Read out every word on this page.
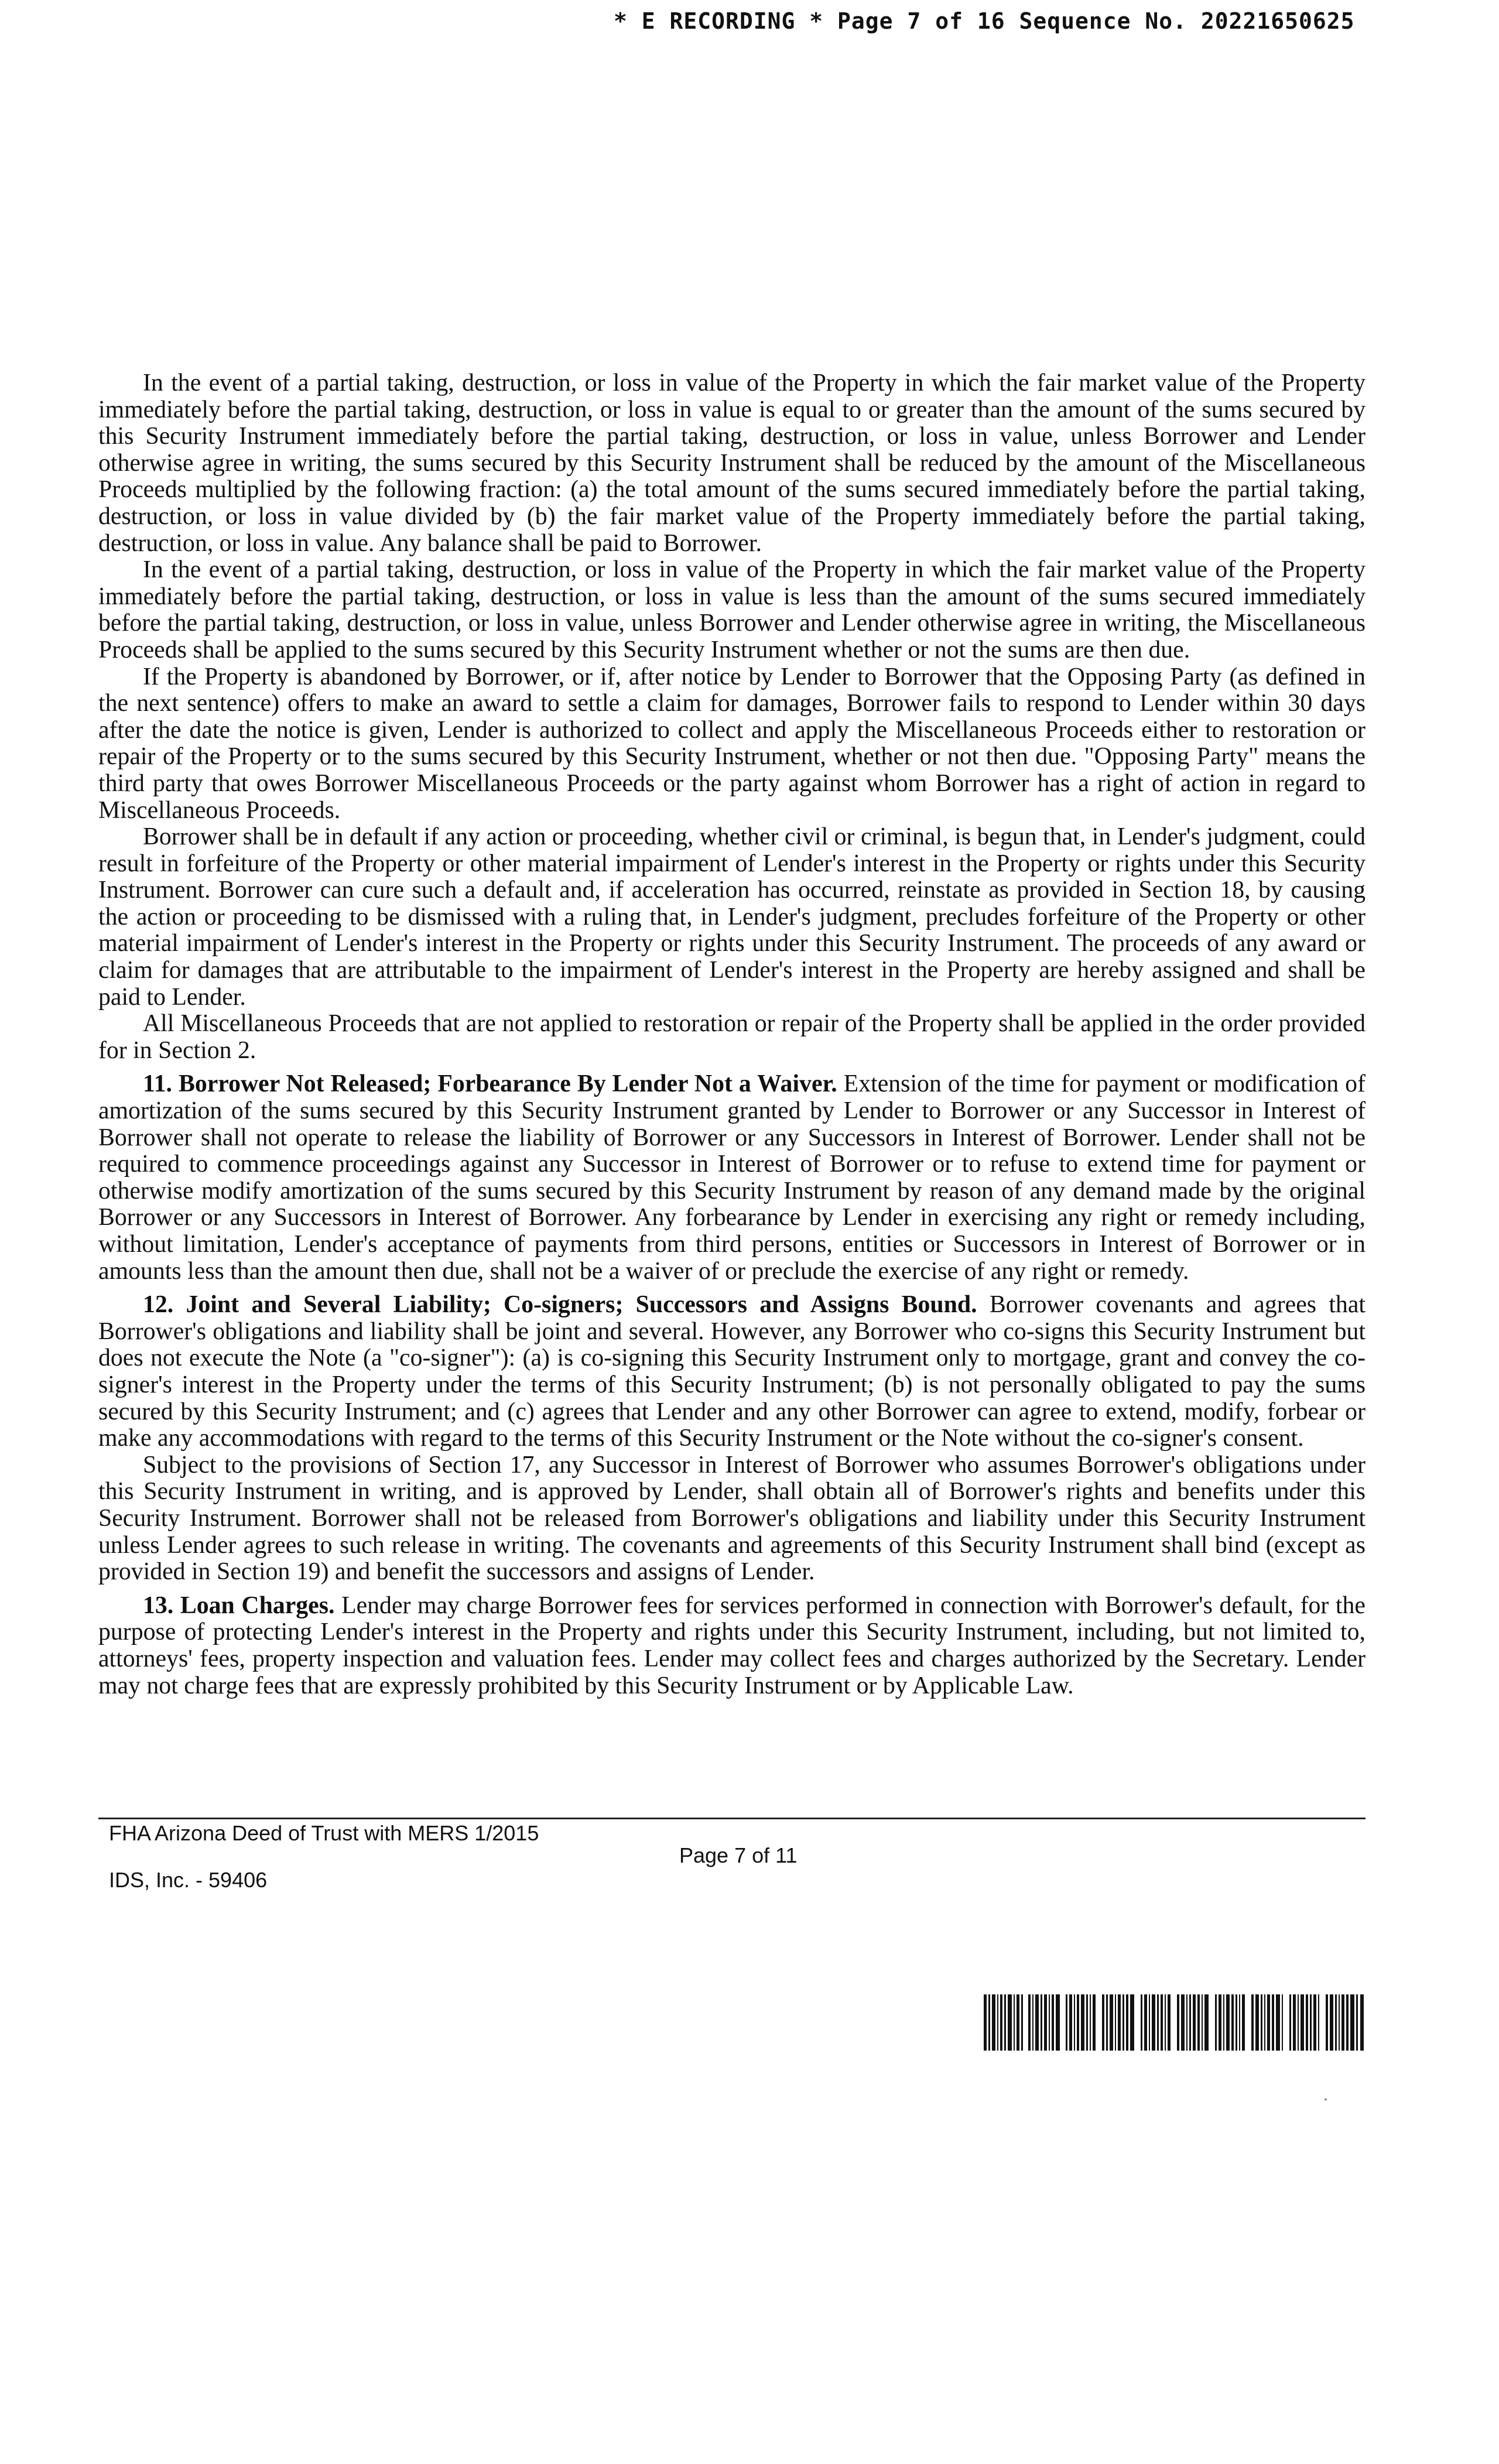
* E RECORDING * Page 7 of 16 Sequence No. 20221650625

In the event of a partial taking, destruction, or loss in value of the Property in which the fair market value of the Property immediately before the partial taking, destruction, or loss in value is equal to or greater than the amount of the sums secured by this Security Instrument immediately before the partial taking, destruction, or loss in value, unless Borrower and Lender otherwise agree in writing, the sums secured by this Security Instrument shall be reduced by the amount of the Miscellaneous Proceeds multiplied by the following fraction: (a) the total amount of the sums secured immediately before the partial taking, destruction, or loss in value divided by (b) the fair market value of the Property immediately before the partial taking, destruction, or loss in value. Any balance shall be paid to Borrower.

In the event of a partial taking, destruction, or loss in value of the Property in which the fair market value of the Property immediately before the partial taking, destruction, or loss in value is less than the amount of the sums secured immediately before the partial taking, destruction, or loss in value, unless Borrower and Lender otherwise agree in writing, the Miscellaneous Proceeds shall be applied to the sums secured by this Security Instrument whether or not the sums are then due.

If the Property is abandoned by Borrower, or if, after notice by Lender to Borrower that the Opposing Party (as defined in the next sentence) offers to make an award to settle a claim for damages, Borrower fails to respond to Lender within 30 days after the date the notice is given, Lender is authorized to collect and apply the Miscellaneous Proceeds either to restoration or repair of the Property or to the sums secured by this Security Instrument, whether or not then due. "Opposing Party" means the third party that owes Borrower Miscellaneous Proceeds or the party against whom Borrower has a right of action in regard to Miscellaneous Proceeds.

Borrower shall be in default if any action or proceeding, whether civil or criminal, is begun that, in Lender's judgment, could result in forfeiture of the Property or other material impairment of Lender's interest in the Property or rights under this Security Instrument. Borrower can cure such a default and, if acceleration has occurred, reinstate as provided in Section 18, by causing the action or proceeding to be dismissed with a ruling that, in Lender's judgment, precludes forfeiture of the Property or other material impairment of Lender's interest in the Property or rights under this Security Instrument. The proceeds of any award or claim for damages that are attributable to the impairment of Lender's interest in the Property are hereby assigned and shall be paid to Lender.

All Miscellaneous Proceeds that are not applied to restoration or repair of the Property shall be applied in the order provided for in Section 2.

11. Borrower Not Released; Forbearance By Lender Not a Waiver. Extension of the time for payment or modification of amortization of the sums secured by this Security Instrument granted by Lender to Borrower or any Successor in Interest of Borrower shall not operate to release the liability of Borrower or any Successors in Interest of Borrower. Lender shall not be required to commence proceedings against any Successor in Interest of Borrower or to refuse to extend time for payment or otherwise modify amortization of the sums secured by this Security Instrument by reason of any demand made by the original Borrower or any Successors in Interest of Borrower. Any forbearance by Lender in exercising any right or remedy including, without limitation, Lender's acceptance of payments from third persons, entities or Successors in Interest of Borrower or in amounts less than the amount then due, shall not be a waiver of or preclude the exercise of any right or remedy.

12. Joint and Several Liability; Co-signers; Successors and Assigns Bound. Borrower covenants and agrees that Borrower's obligations and liability shall be joint and several. However, any Borrower who co-signs this Security Instrument but does not execute the Note (a "co-signer"): (a) is co-signing this Security Instrument only to mortgage, grant and convey the co-signer's interest in the Property under the terms of this Security Instrument; (b) is not personally obligated to pay the sums secured by this Security Instrument; and (c) agrees that Lender and any other Borrower can agree to extend, modify, forbear or make any accommodations with regard to the terms of this Security Instrument or the Note without the co-signer's consent.

Subject to the provisions of Section 17, any Successor in Interest of Borrower who assumes Borrower's obligations under this Security Instrument in writing, and is approved by Lender, shall obtain all of Borrower's rights and benefits under this Security Instrument. Borrower shall not be released from Borrower's obligations and liability under this Security Instrument unless Lender agrees to such release in writing. The covenants and agreements of this Security Instrument shall bind (except as provided in Section 19) and benefit the successors and assigns of Lender.

13. Loan Charges. Lender may charge Borrower fees for services performed in connection with Borrower's default, for the purpose of protecting Lender's interest in the Property and rights under this Security Instrument, including, but not limited to, attorneys' fees, property inspection and valuation fees. Lender may collect fees and charges authorized by the Secretary. Lender may not charge fees that are expressly prohibited by this Security Instrument or by Applicable Law.

FHA Arizona Deed of Trust with MERS 1/2015
Page 7 of 11
IDS, Inc. - 59406
